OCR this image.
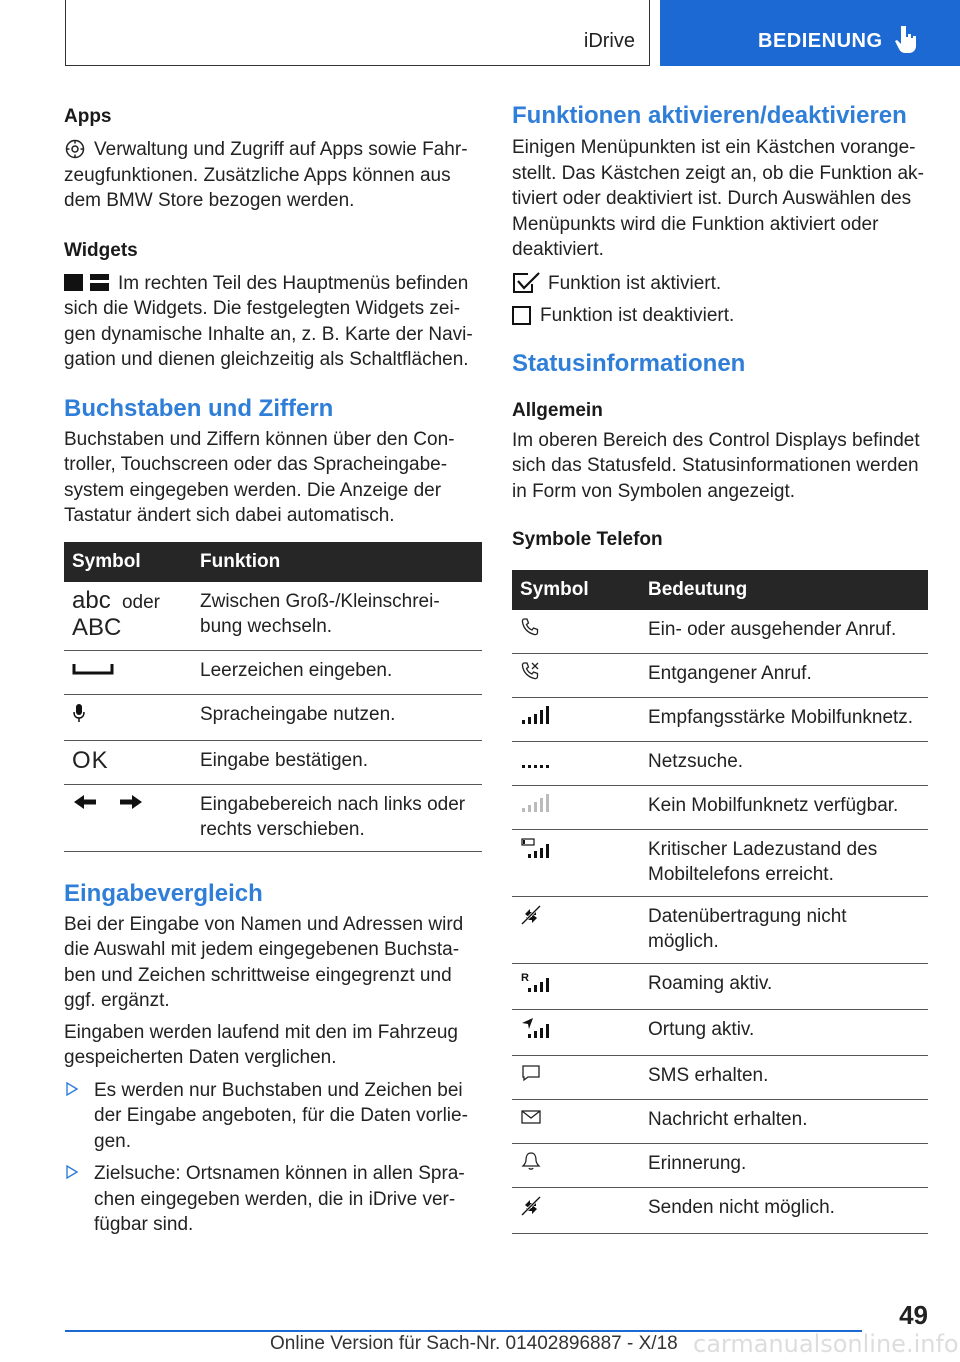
iDrive	BEDIENUNG
Apps

Verwaltung und Zugriff auf Apps sowie Fahrzeugfunktionen. Zusätzliche Apps können aus dem BMW Store bezogen werden.

Widgets

Im rechten Teil des Hauptmenüs befinden sich die Widgets. Die festgelegten Widgets zeigen dynamische Inhalte an, z. B. Karte der Navigation und dienen gleichzeitig als Schaltflächen.

Buchstaben und Ziffern

Buchstaben und Ziffern können über den Controller, Touchscreen oder das Spracheingabesystem eingegeben werden. Die Anzeige der Tastatur ändert sich dabei automatisch.

Symbol	Funktion

abc oder
ABC	Zwischen Groß-/Kleinschreibung wechseln.
	Leerzeichen eingeben.
	Spracheingabe nutzen.
OK	Eingabe bestätigen.
	Eingabebereich nach links oder rechts verschieben.
Eingabevergleich

Bei der Eingabe von Namen und Adressen wird die Auswahl mit jedem eingegebenen Buchstaben und Zeichen schrittweise eingegrenzt und ggf. ergänzt.

Eingaben werden laufend mit den im Fahrzeug gespeicherten Daten verglichen.

Es werden nur Buchstaben und Zeichen bei der Eingabe angeboten, für die Daten vorliegen.
Zielsuche: Ortsnamen können in allen Sprachen eingegeben werden, die in iDrive verfügbar sind.
Funktionen aktivieren/deaktivieren

Einigen Menüpunkten ist ein Kästchen vorangestellt. Das Kästchen zeigt an, ob die Funktion aktiviert oder deaktiviert ist. Durch Auswählen des Menüpunkts wird die Funktion aktiviert oder deaktiviert.

Funktion ist aktiviert.
Funktion ist deaktiviert.
Statusinformationen
Allgemein

Im oberen Bereich des Control Displays befindet sich das Statusfeld. Statusinformationen werden in Form von Symbolen angezeigt.

Symbole Telefon
Symbol	Bedeutung
	Ein- oder ausgehender Anruf.
	Entgangener Anruf.
	Empfangsstärke Mobilfunknetz.
	Netzsuche.
	Kein Mobilfunknetz verfügbar.
	Kritischer Ladezustand des Mobiltelefons erreicht.
	Datenübertragung nicht möglich.

R	Roaming aktiv.
	Ortung aktiv.
	SMS erhalten.
	Nachricht erhalten.
	Erinnerung.
	Senden nicht möglich.
49
Online Version für Sach-Nr. 01402896887 - X/18 carmanualsonline.info
